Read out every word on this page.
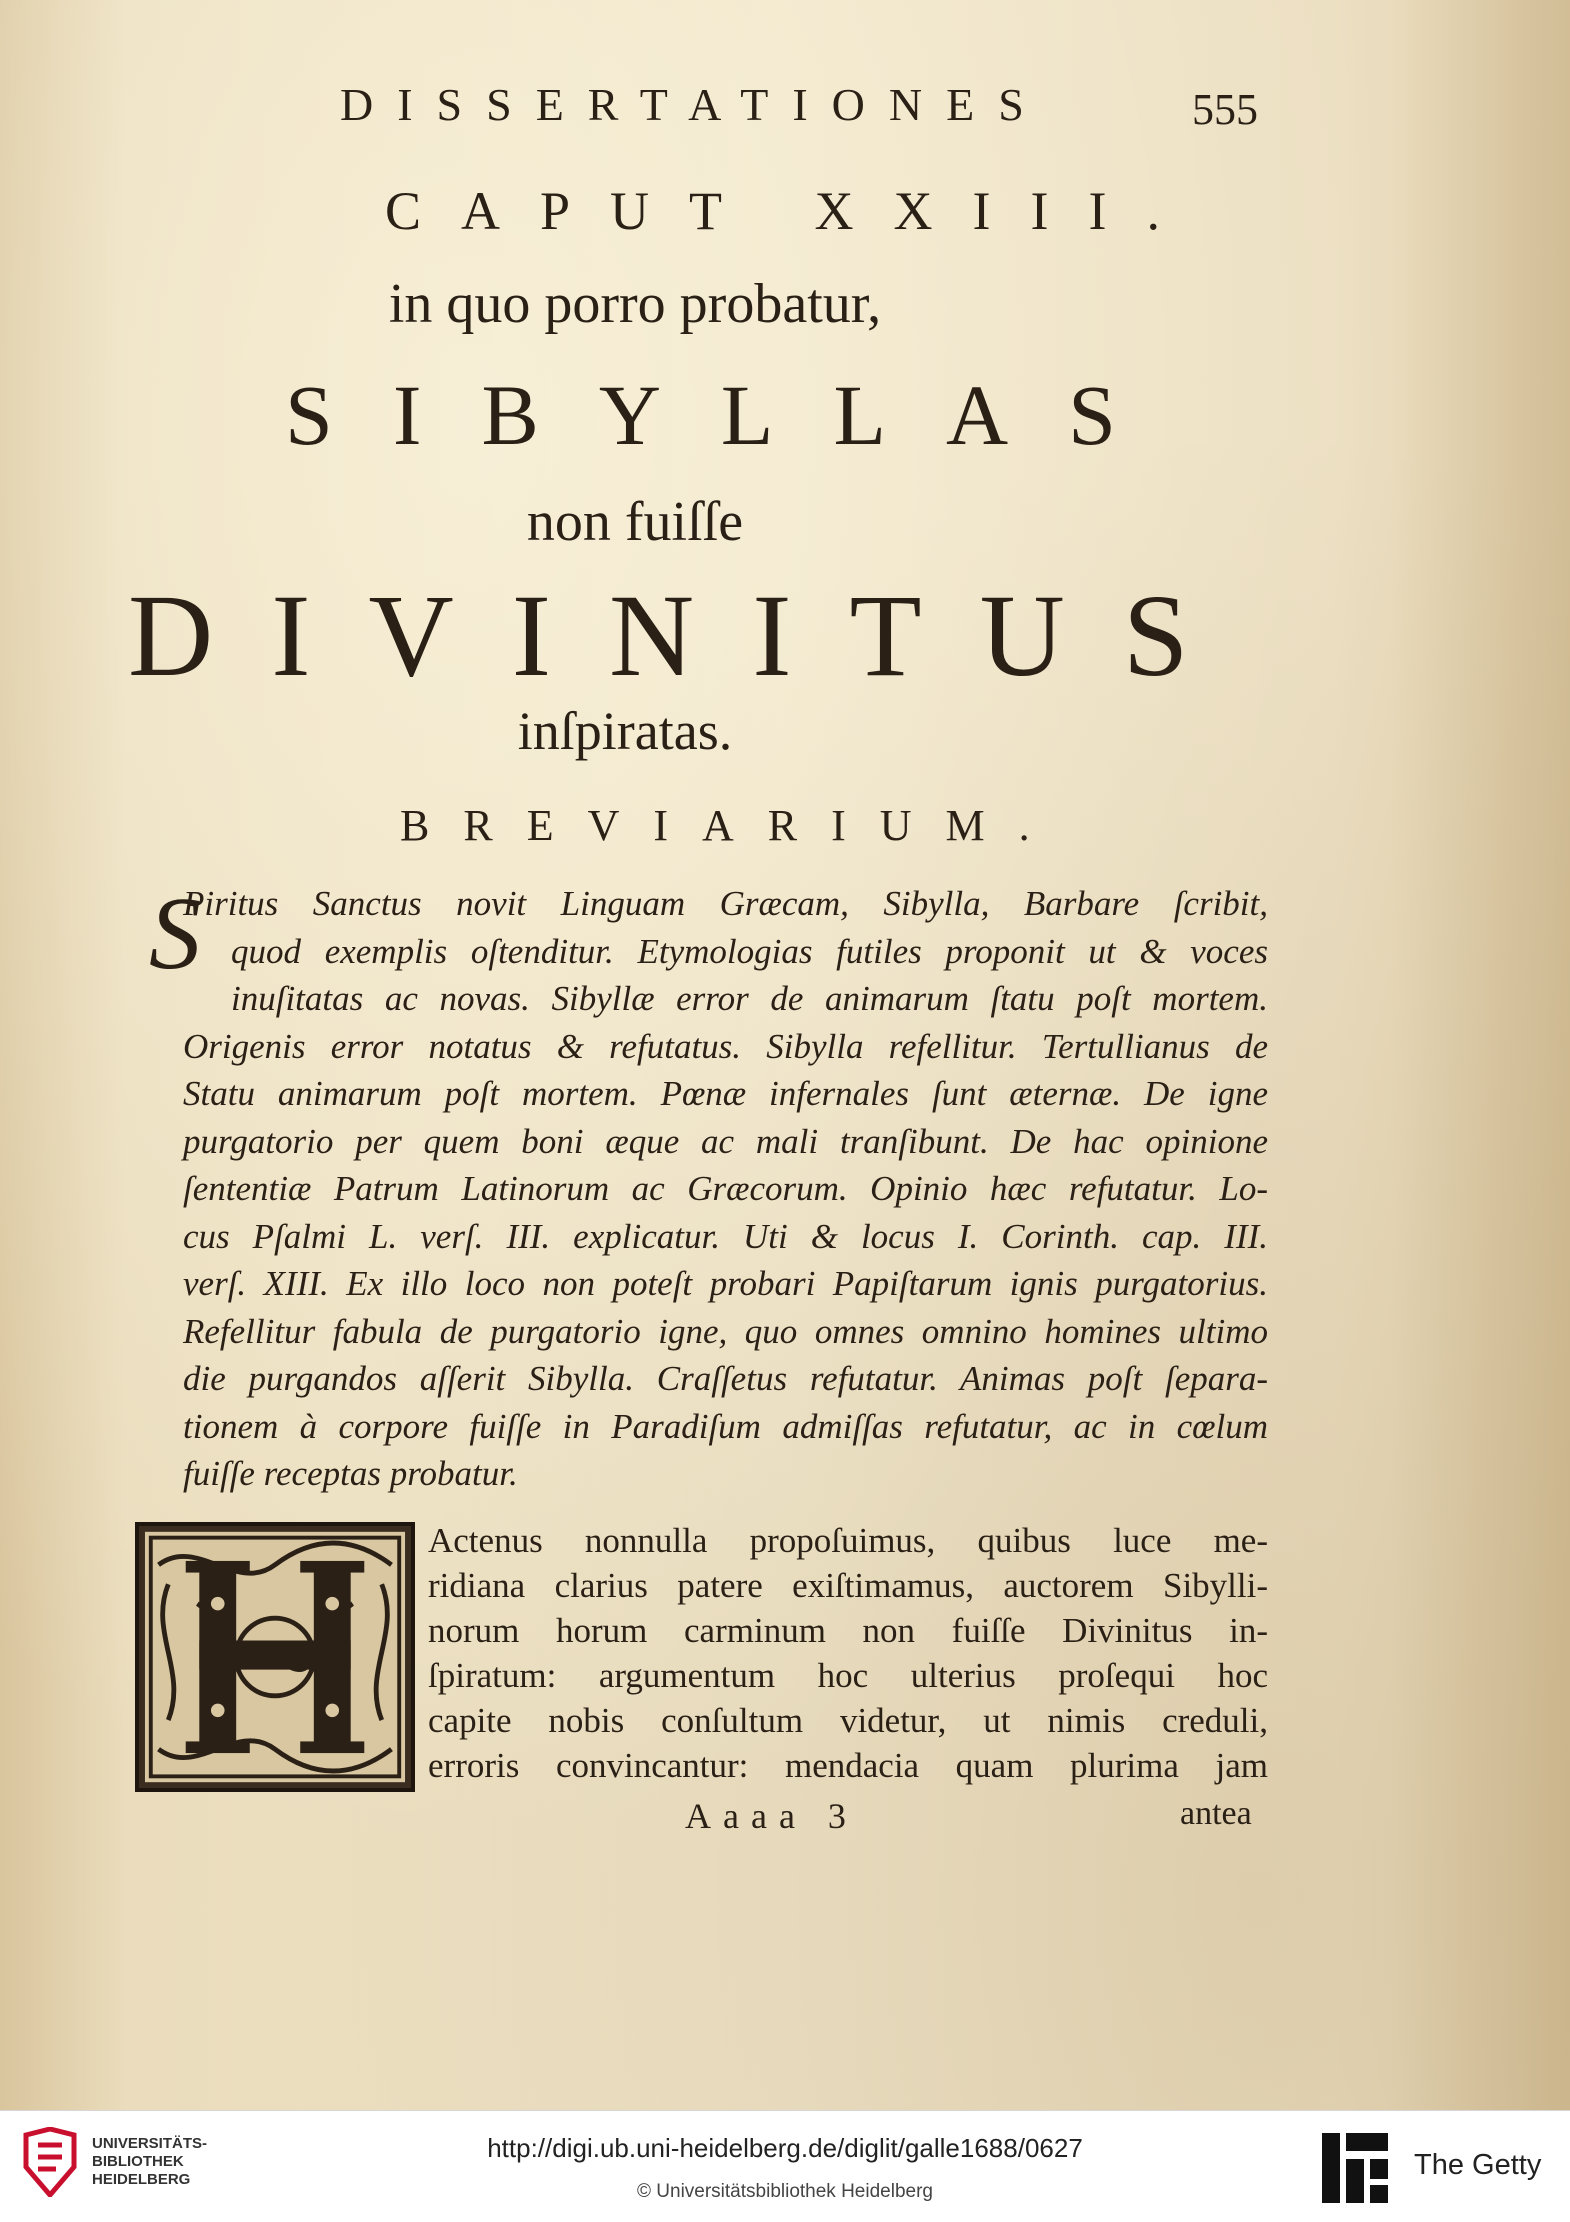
DISSERTATIONES	555
CAPUT XXIII.
in quo porro probatur,
SIBYLLAS
non fuiſſe
DIVINITUS
inſpiratas.
BREVIARIUM.
S
Piritus Sanctus novit Linguam Græcam, Sibylla, Barbare ſcribit,
quod exemplis oſtenditur. Etymologias futiles proponit ut & voces
inuſitatas ac novas. Sibyllæ error de animarum ſtatu poſt mortem.
Origenis error notatus & refutatus. Sibylla refellitur. Tertullianus de
Statu animarum poſt mortem. Pœnæ infernales ſunt æternæ. De igne
purgatorio per quem boni æque ac mali tranſibunt. De hac opinione
ſententiæ Patrum Latinorum ac Græcorum. Opinio hæc refutatur. Lo-
cus Pſalmi L. verſ. III. explicatur. Uti & locus I. Corinth. cap. III.
verſ. XIII. Ex illo loco non poteſt probari Papiſtarum ignis purgatorius.
Refellitur fabula de purgatorio igne, quo omnes omnino homines ultimo
die purgandos aſſerit Sibylla. Craſſetus refutatur. Animas poſt ſepara-
tionem à corpore fuiſſe in Paradiſum admiſſas refutatur, ac in cœlum
fuiſſe receptas probatur.
Actenus nonnulla propoſuimus, quibus luce me-
ridiana clarius patere exiſtimamus, auctorem Sibylli-
norum horum carminum non fuiſſe Divinitus in-
ſpiratum: argumentum hoc ulterius proſequi hoc
capite nobis conſultum videtur, ut nimis creduli,
erroris convincantur: mendacia quam plurima jam
Aaaa 3	antea
UNIVERSITÄTS-
BIBLIOTHEK
HEIDELBERG
http://digi.ub.uni-heidelberg.de/diglit/galle1688/0627
© Universitätsbibliothek Heidelberg
The Getty
